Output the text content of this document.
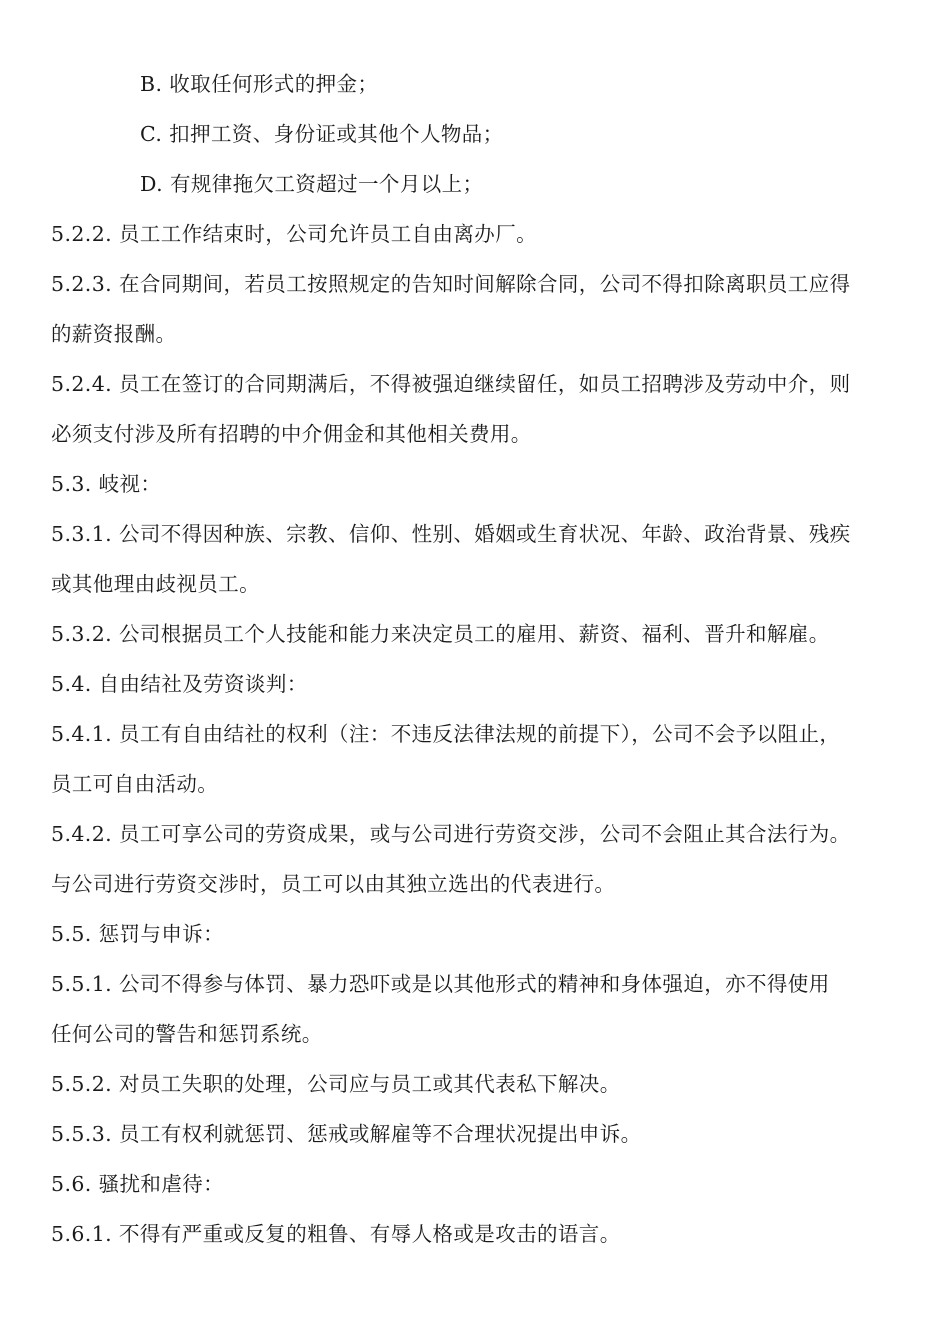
B. 收取任何形式的押金；
C. 扣押工资、身份证或其他个人物品；
D. 有规律拖欠工资超过一个月以上；
5.2.2. 员工工作结束时，公司允许员工自由离办厂。
5.2.3. 在合同期间，若员工按照规定的告知时间解除合同，公司不得扣除离职员工应得
的薪资报酬。
5.2.4. 员工在签订的合同期满后，不得被强迫继续留任，如员工招聘涉及劳动中介，则
必须支付涉及所有招聘的中介佣金和其他相关费用。
5.3. 岐视：
5.3.1. 公司不得因种族、宗教、信仰、性别、婚姻或生育状况、年龄、政治背景、残疾
或其他理由歧视员工。
5.3.2. 公司根据员工个人技能和能力来决定员工的雇用、薪资、福利、晋升和解雇。
5.4. 自由结社及劳资谈判：
5.4.1. 员工有自由结社的权利（注：不违反法律法规的前提下），公司不会予以阻止，
员工可自由活动。
5.4.2. 员工可享公司的劳资成果，或与公司进行劳资交涉，公司不会阻止其合法行为。
与公司进行劳资交涉时，员工可以由其独立选出的代表进行。
5.5. 惩罚与申诉：
5.5.1. 公司不得参与体罚、暴力恐吓或是以其他形式的精神和身体强迫，亦不得使用
任何公司的警告和惩罚系统。
5.5.2. 对员工失职的处理，公司应与员工或其代表私下解决。
5.5.3. 员工有权利就惩罚、惩戒或解雇等不合理状况提出申诉。
5.6. 骚扰和虐待：
5.6.1. 不得有严重或反复的粗鲁、有辱人格或是攻击的语言。
